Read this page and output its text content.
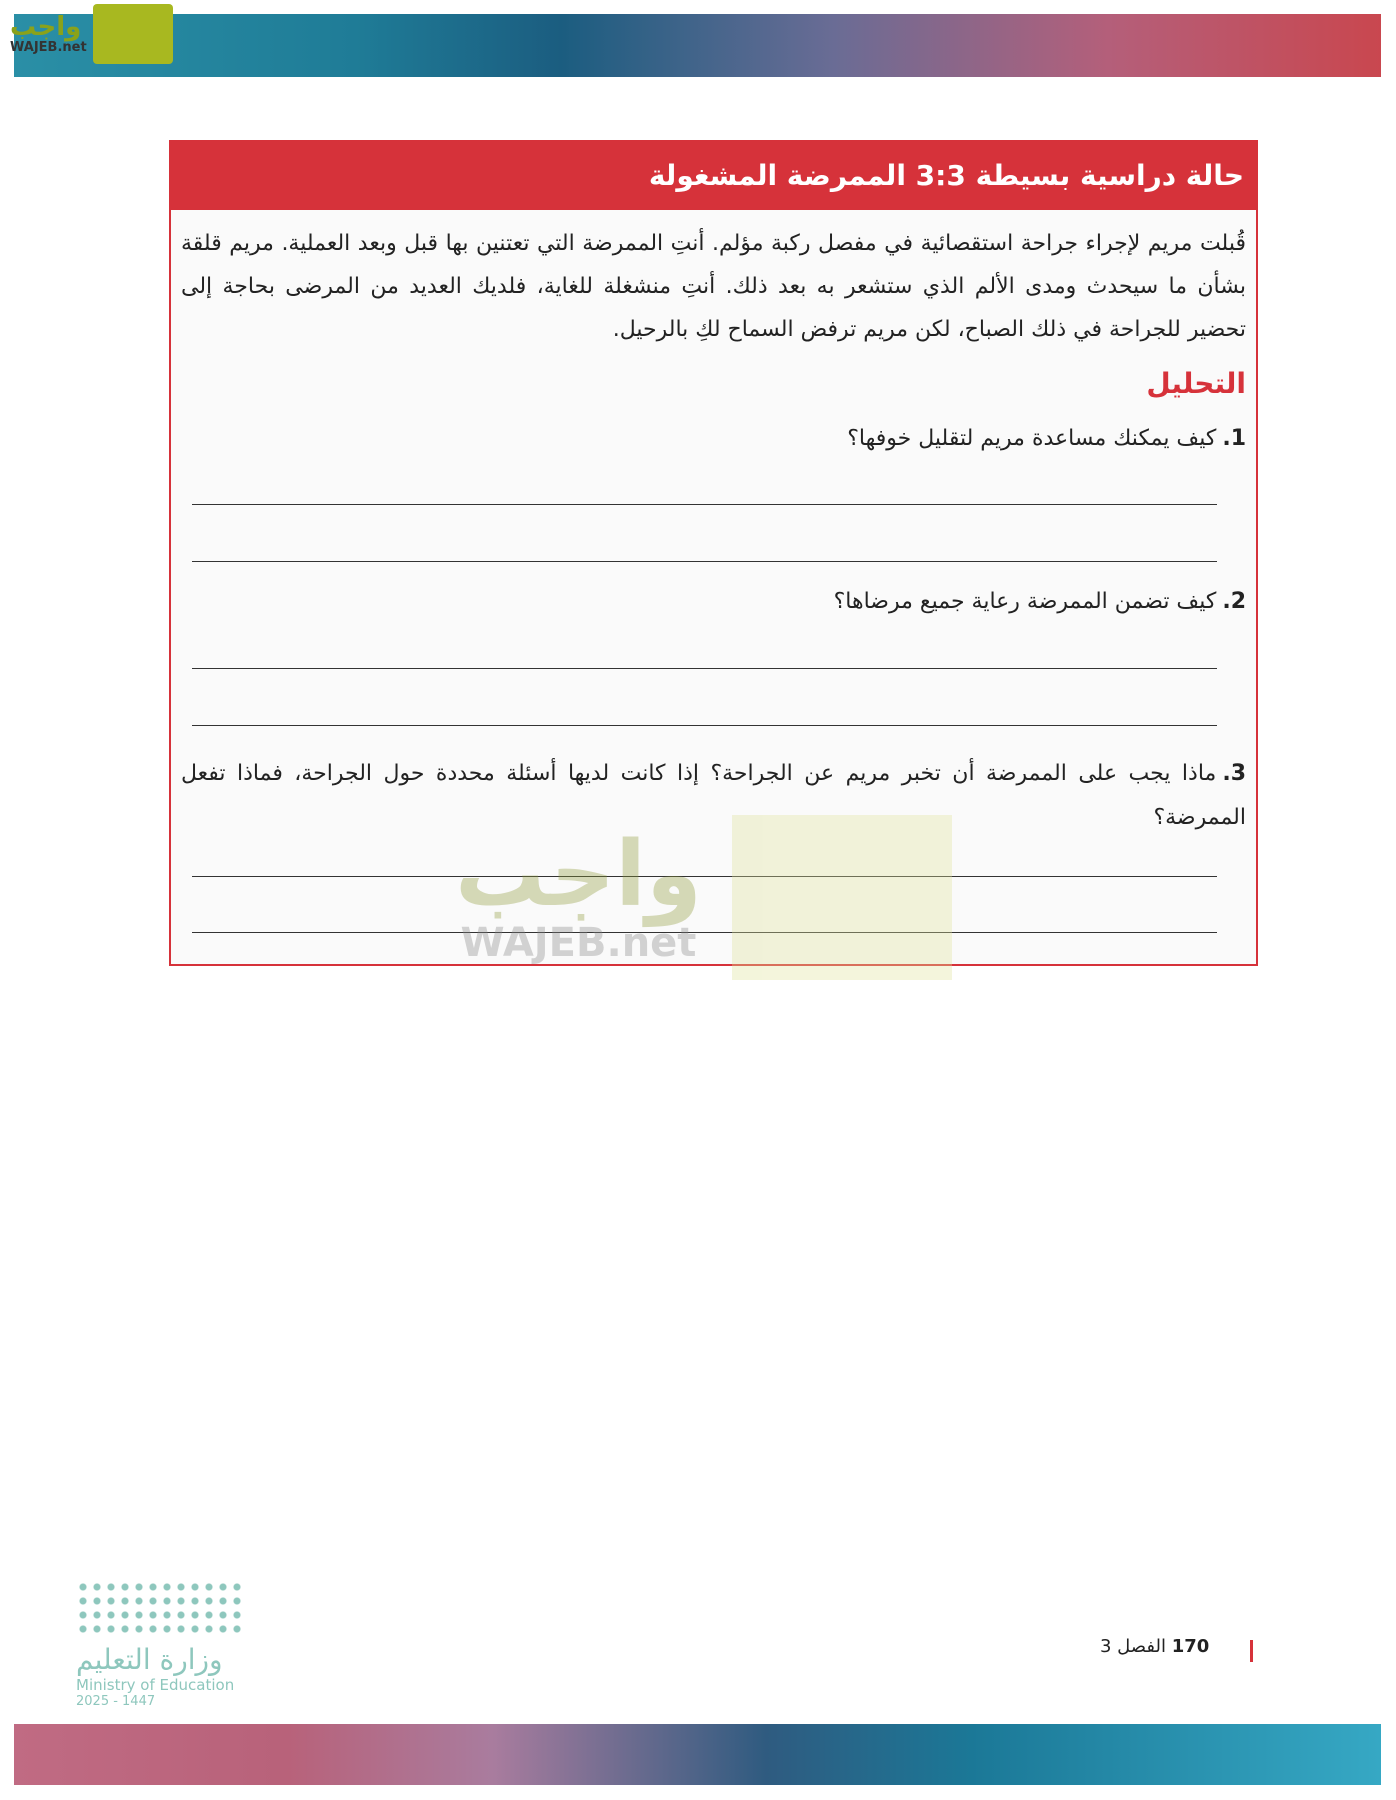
واجب
WAJEB.net
حالة دراسية بسيطة 3:3 الممرضة المشغولة
قُبلت مريم لإجراء جراحة استقصائية في مفصل ركبة مؤلم. أنتِ الممرضة التي تعتنين بها قبل وبعد العملية. مريم قلقة بشأن ما سيحدث ومدى الألم الذي ستشعر به بعد ذلك. أنتِ منشغلة للغاية، فلديك العديد من المرضى بحاجة إلى تحضير للجراحة في ذلك الصباح، لكن مريم ترفض السماح لكِ بالرحيل.
التحليل
1.كيف يمكنك مساعدة مريم لتقليل خوفها؟
2.كيف تضمن الممرضة رعاية جميع مرضاها؟
3.ماذا يجب على الممرضة أن تخبر مريم عن الجراحة؟ إذا كانت لديها أسئلة محددة حول الجراحة، فماذا تفعل الممرضة؟
واجب
WAJEB.net
وزارة التعليم
Ministry of Education
2025 - 1447
170 الفصل 3
